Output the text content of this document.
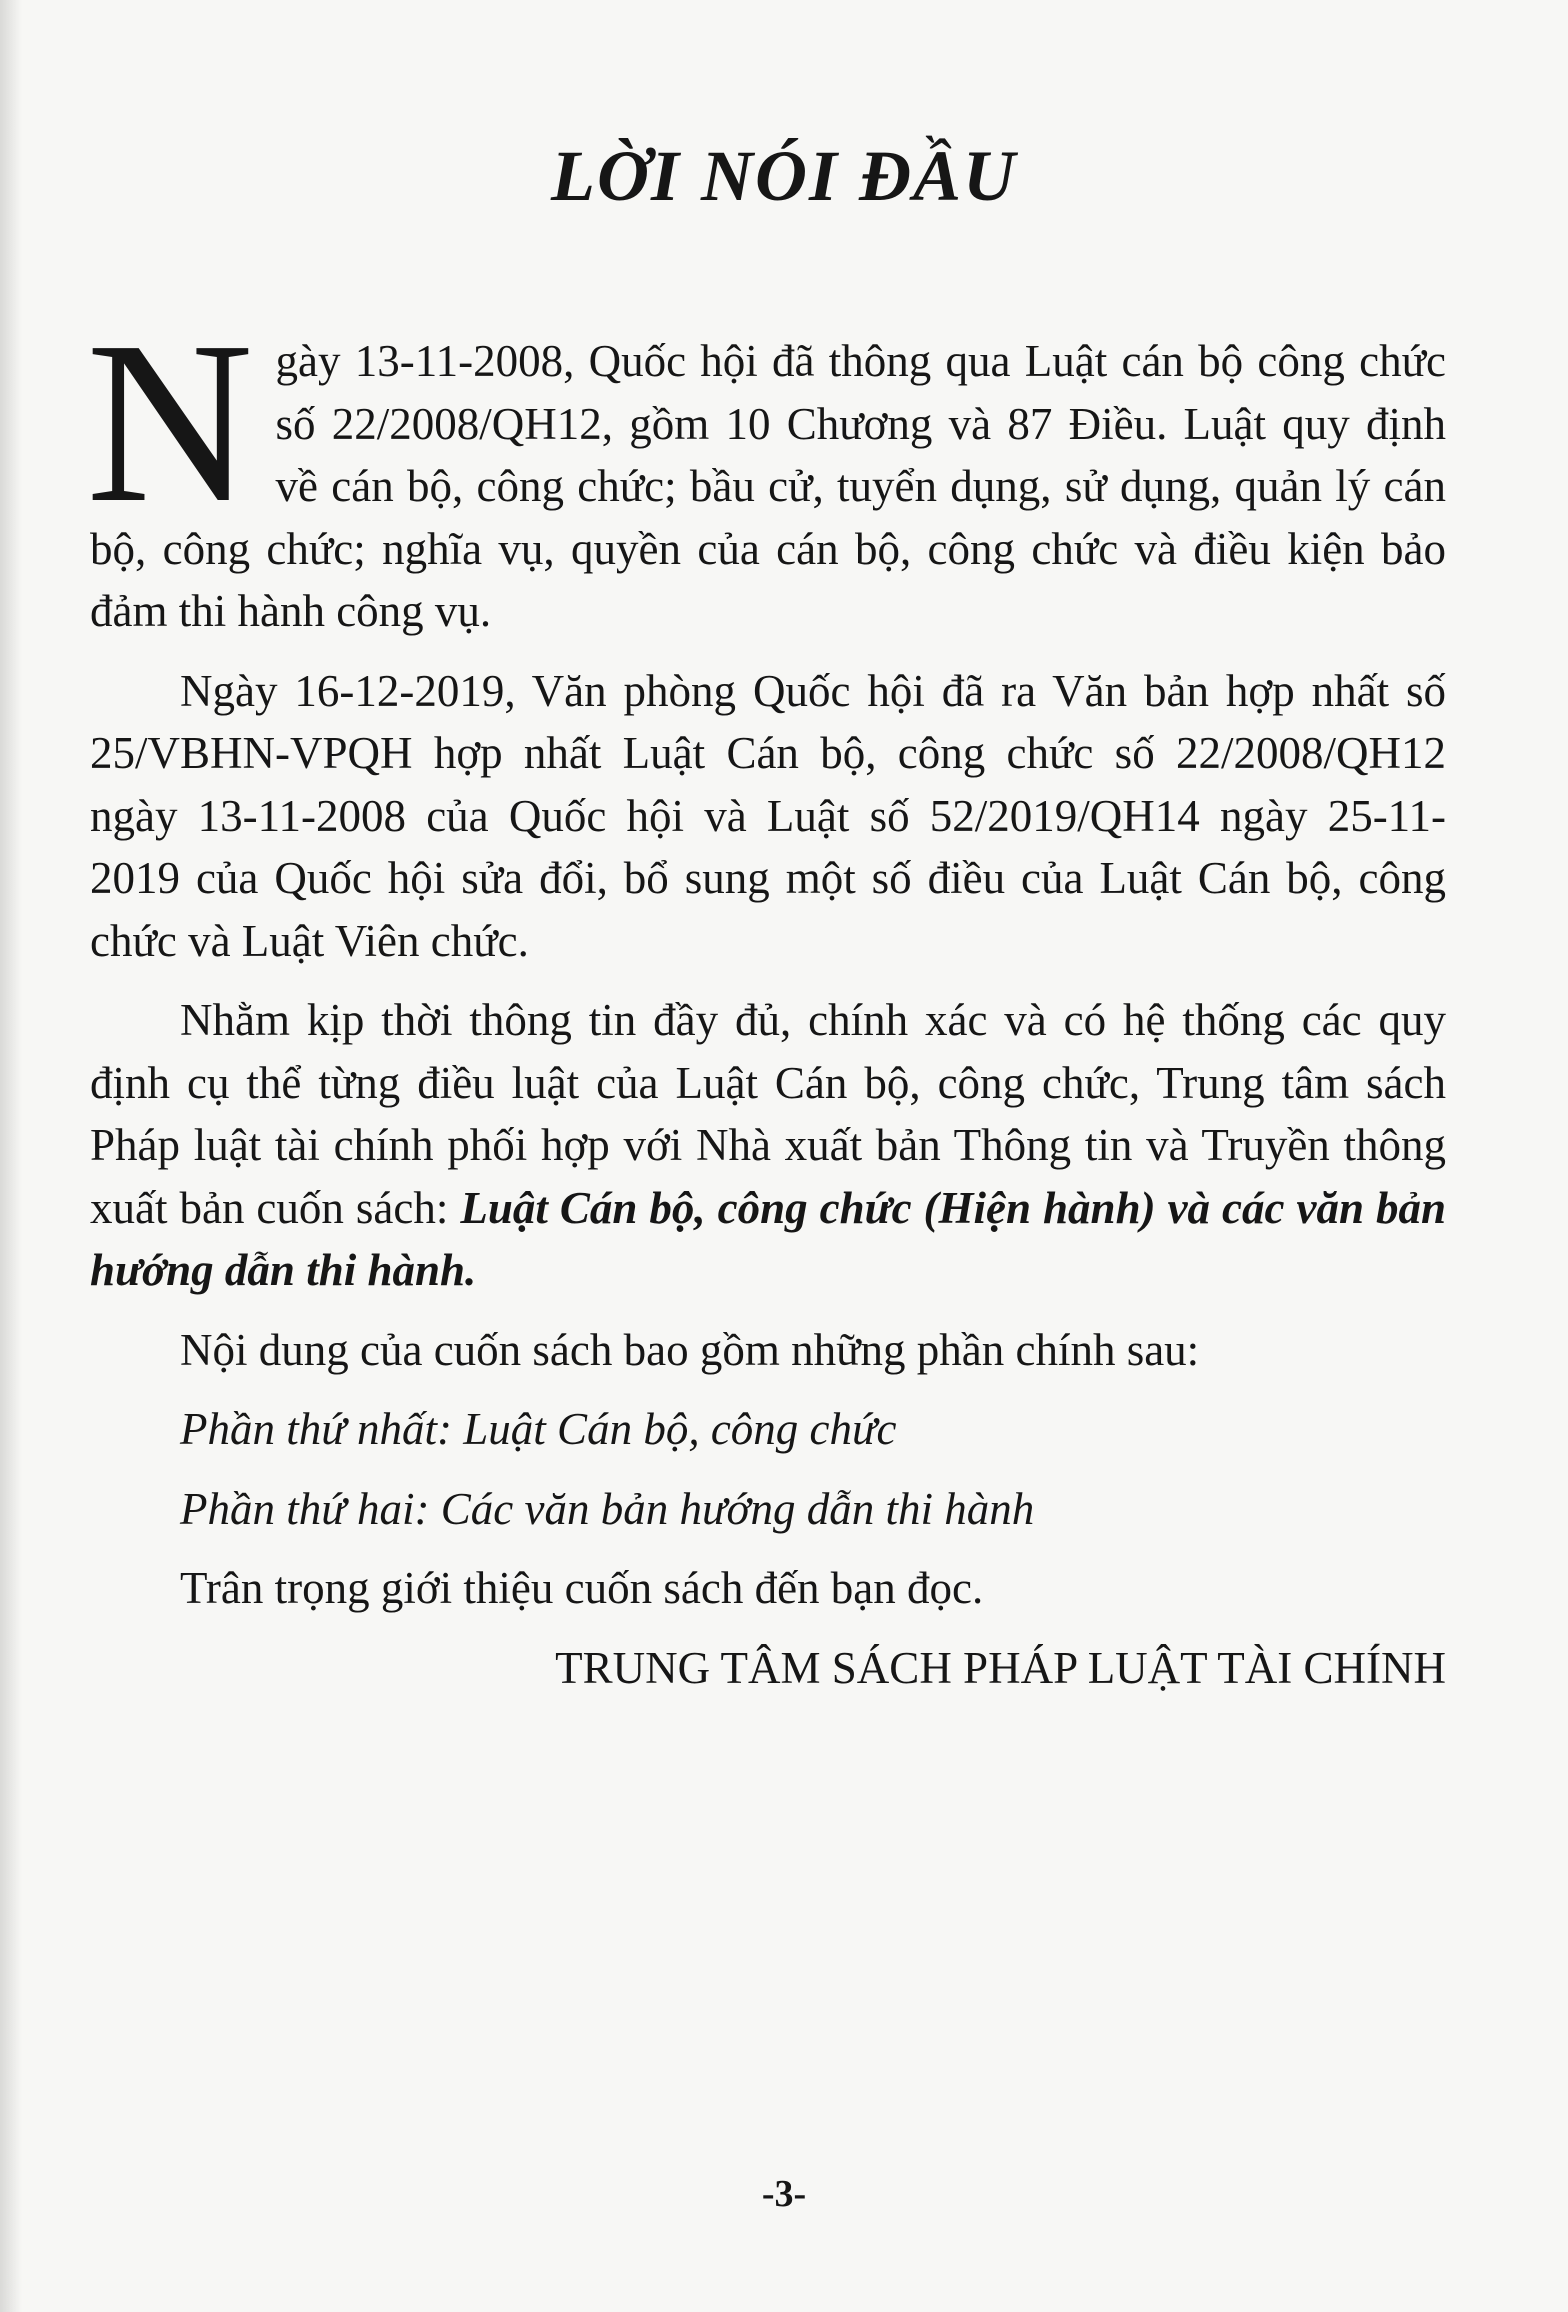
LỜI NÓI ĐẦU

Ngày 13-11-2008, Quốc hội đã thông qua Luật cán bộ công chức số 22/2008/QH12, gồm 10 Chương và 87 Điều. Luật quy định về cán bộ, công chức; bầu cử, tuyển dụng, sử dụng, quản lý cán bộ, công chức; nghĩa vụ, quyền của cán bộ, công chức và điều kiện bảo đảm thi hành công vụ.

Ngày 16-12-2019, Văn phòng Quốc hội đã ra Văn bản hợp nhất số 25/VBHN-VPQH hợp nhất Luật Cán bộ, công chức số 22/2008/QH12 ngày 13-11-2008 của Quốc hội và Luật số 52/2019/QH14 ngày 25-11-2019 của Quốc hội sửa đổi, bổ sung một số điều của Luật Cán bộ, công chức và Luật Viên chức.

Nhằm kịp thời thông tin đầy đủ, chính xác và có hệ thống các quy định cụ thể từng điều luật của Luật Cán bộ, công chức, Trung tâm sách Pháp luật tài chính phối hợp với Nhà xuất bản Thông tin và Truyền thông xuất bản cuốn sách: Luật Cán bộ, công chức (Hiện hành) và các văn bản hướng dẫn thi hành.

Nội dung của cuốn sách bao gồm những phần chính sau:

Phần thứ nhất: Luật Cán bộ, công chức

Phần thứ hai: Các văn bản hướng dẫn thi hành

Trân trọng giới thiệu cuốn sách đến bạn đọc.

TRUNG TÂM SÁCH PHÁP LUẬT TÀI CHÍNH

-3-
